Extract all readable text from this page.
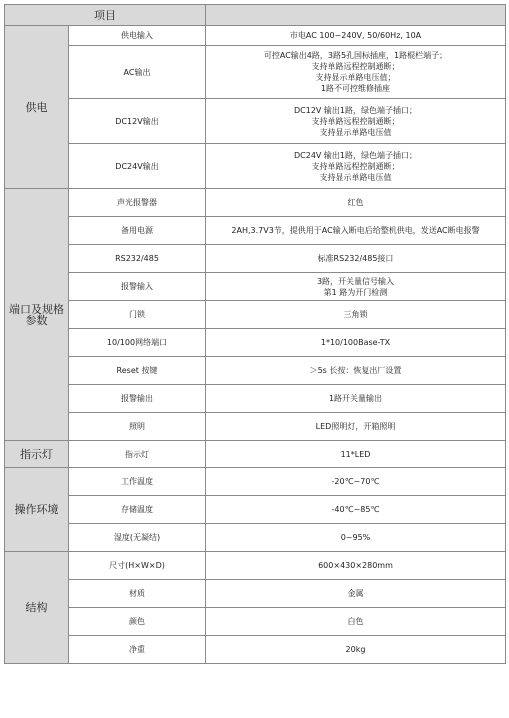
项目		
供电	供电输入	市电AC 100~240V, 50/60Hz, 10A

	AC输出	可控AC输出4路，3路5孔国标插座，1路棍栏端子；
支持单路远程控制通断；
支持显示单路电压值；
1路不可控维修插座

	DC12V输出	DC12V 输出1路，绿色端子插口；
支持单路远程控制通断；
支持显示单路电压值

	DC24V输出	DC24V 输出1路，绿色端子插口；
支持单路远程控制通断；
支持显示单路电压值

端口及规格参数	声光报警器	红色

	备用电源	2AH,3.7V3节，提供用于AC输入断电后给整机供电，发送AC断电报警

	RS232/485	标准RS232/485接口

	报警输入	3路，开关量信号输入
第1 路为开门检测

	门锁	三角锁

	10/100网络端口	1*10/100Base-TX

	Reset 按键	＞5s 长按：恢复出厂设置

	报警输出	1路开关量输出

	照明	LED照明灯，开箱照明

指示灯	指示灯	11*LED

操作环境	工作温度	-20℃~70℃

	存储温度	-40℃~85℃

	湿度(无凝结)	0~95%

结构	尺寸(H×W×D)	600×430×280mm

	材质	金属

	颜色	白色

	净重	20kg
